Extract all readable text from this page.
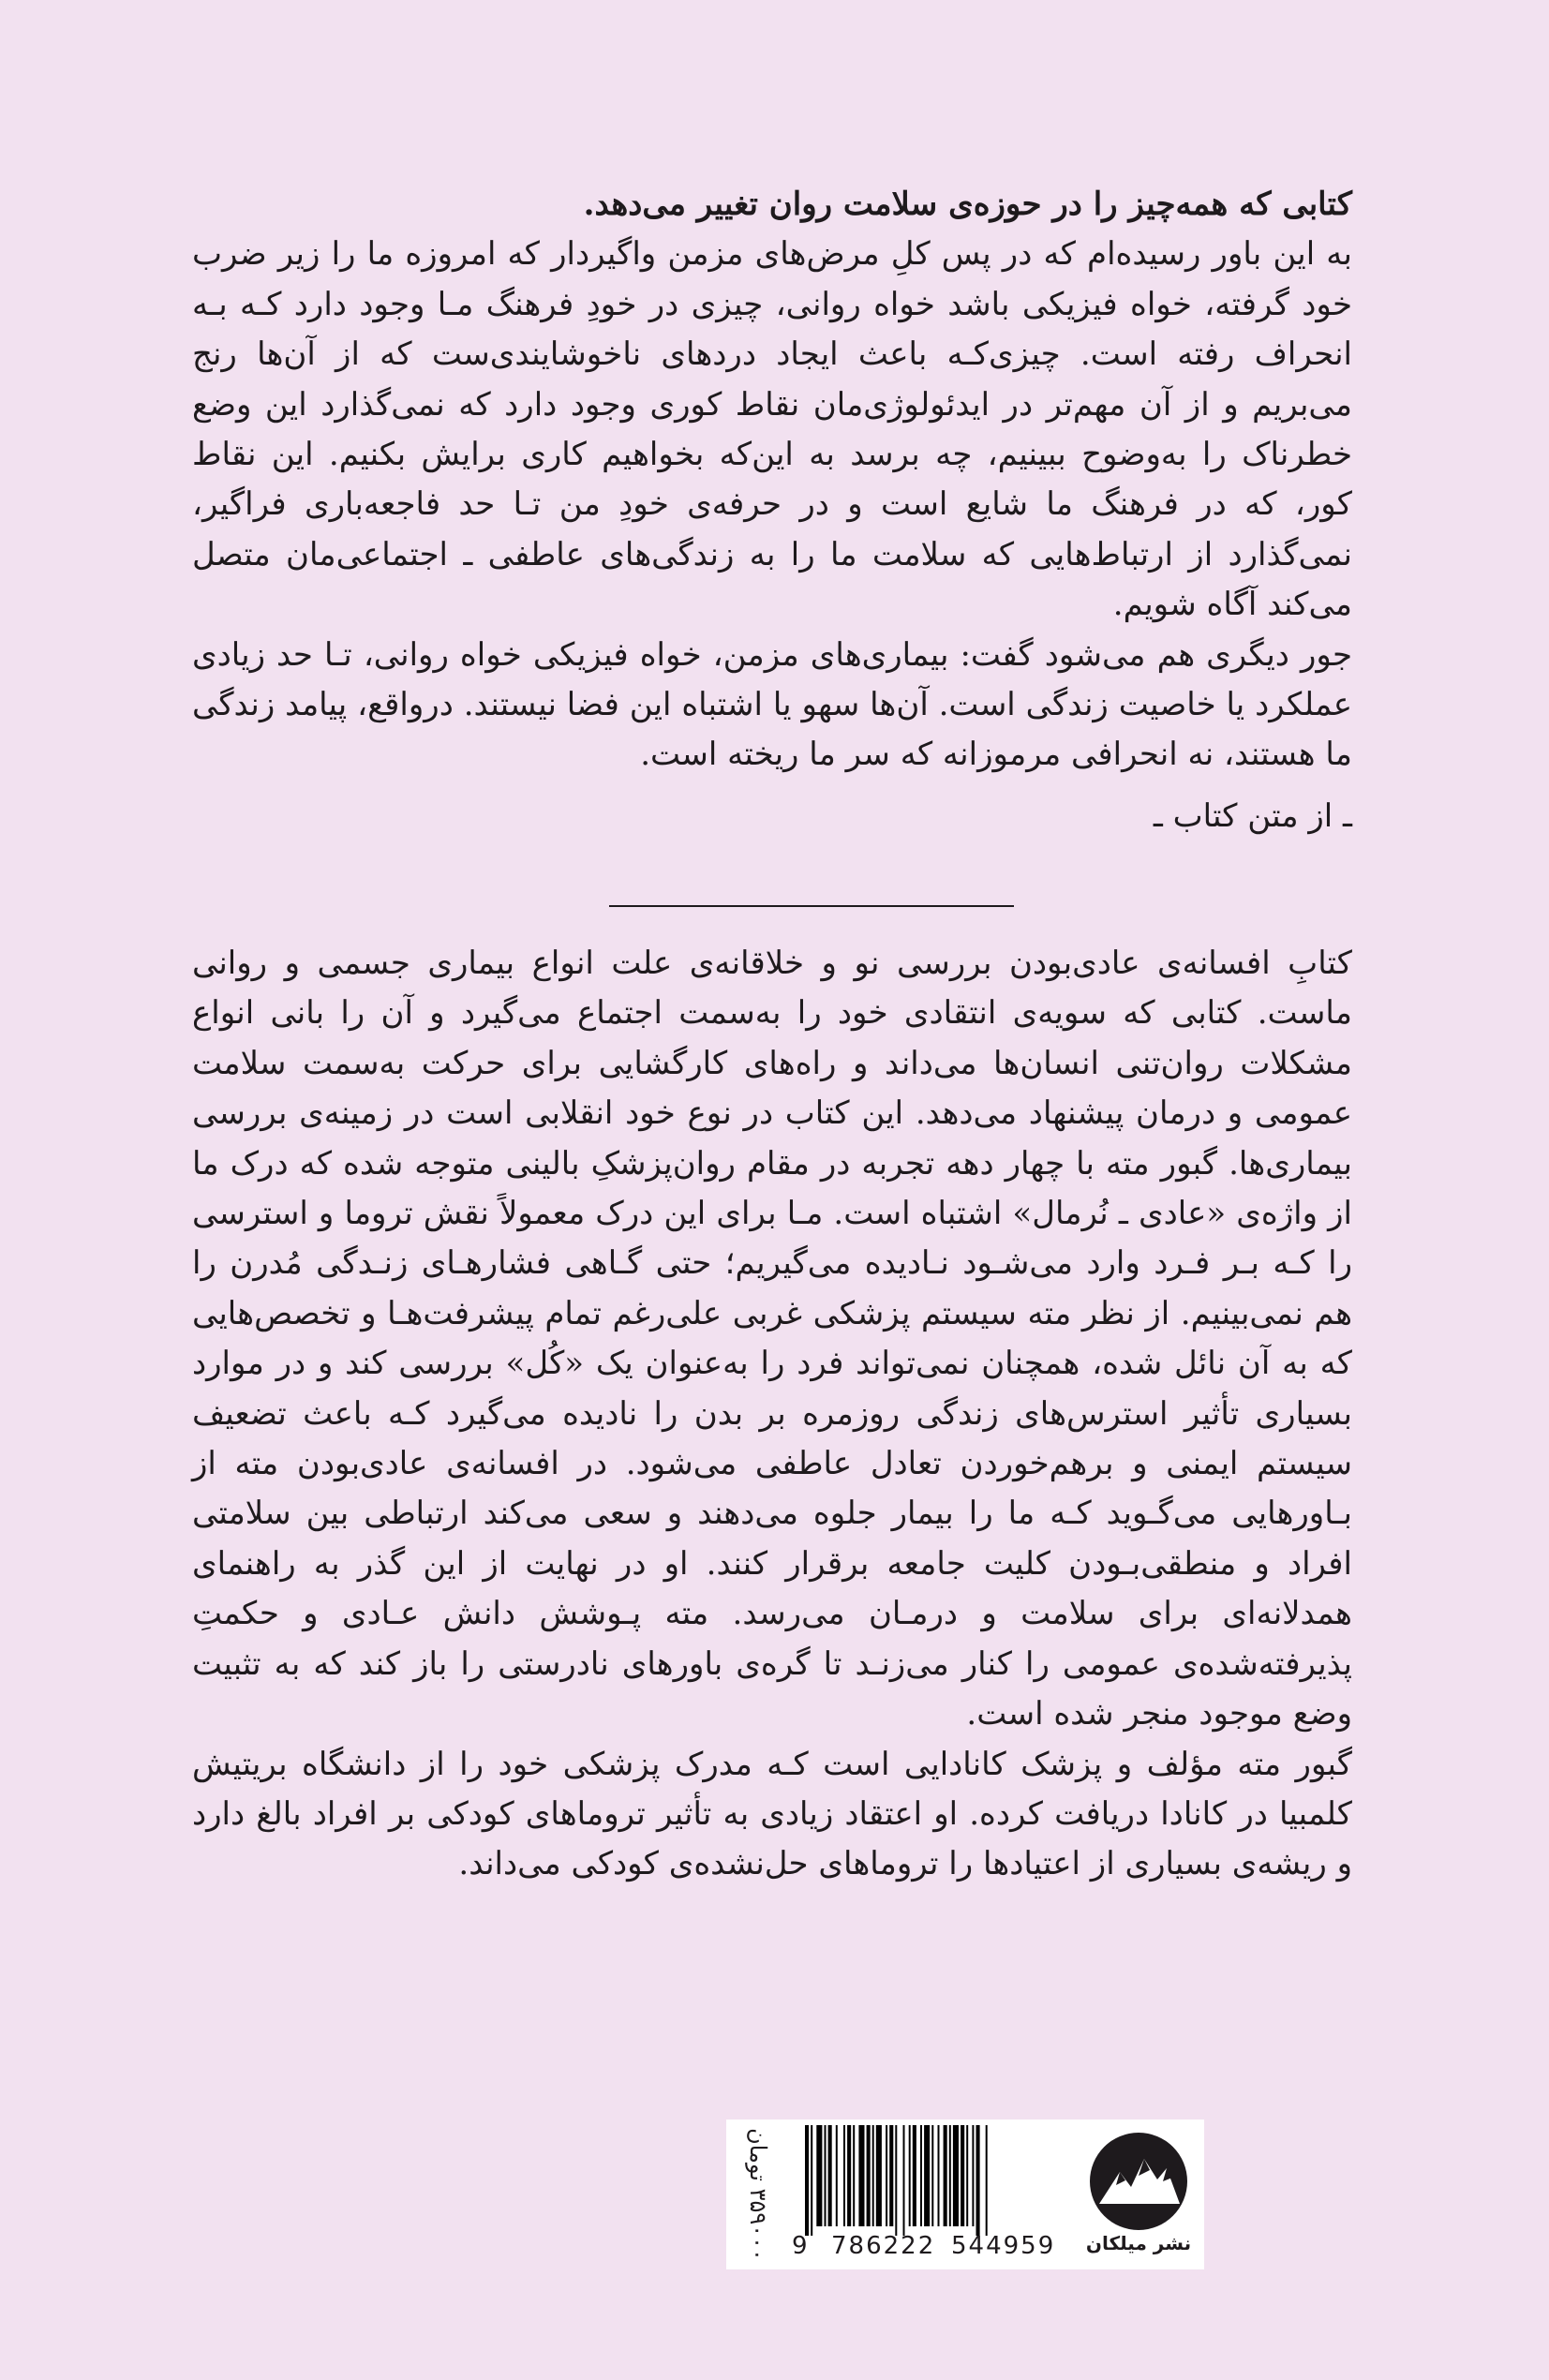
کتابی که همه‌چیز را در حوزه‌ی سلامت روان تغییر می‌دهد.

به این باور رسیده‌ام که در پس کلِ مرض‌های مزمن واگیردار که امروزه ما را زیر ضرب خود گرفته، خواه فیزیکی باشد خواه روانی، چیزی در خودِ فرهنگ مـا وجود دارد کـه بـه انحراف رفته است. چیزی‌کـه باعث ایجاد دردهای ناخوشایندی‌ست که از آن‌ها رنج می‌بریم و از آن مهم‌تر در ایدئولوژی‌مان نقاط کوری وجود دارد که نمی‌گذارد این وضع خطرناک را به‌وضوح ببینیم، چه برسد به این‌که بخواهیم کاری برایش بکنیم. این نقاط کور، که در فرهنگ ما شایع است و در حرفه‌ی خودِ من تـا حد فاجعه‌باری فراگیر، نمی‌گذارد از ارتباط‌هایی که سلامت ما را به زندگی‌های عاطفی ـ اجتماعی‌مان متصل می‌کند آگاه شویم.

جور دیگری هم می‌شود گفت: بیماری‌های مزمن، خواه فیزیکی خواه روانی، تـا حد زیادی عملکرد یا خاصیت زندگی است. آن‌ها سهو یا اشتباه این فضا نیستند. درواقع، پیامد زندگی ما هستند، نه انحرافی مرموزانه که سر ما ریخته است.

ـ از متن کتاب ـ

کتابِ افسانه‌ی عادی‌بودن بررسی نو و خلاقانه‌ی علت انواع بیماری جسمی و روانی ماست. کتابی که سویه‌ی انتقادی خود را به‌سمت اجتماع می‌گیرد و آن را بانی انواع مشکلات روان‌تنی انسان‌ها می‌داند و راه‌های کارگشایی برای حرکت به‌سمت سلامت عمومی و درمان پیشنهاد می‌دهد. این کتاب در نوع خود انقلابی است در زمینه‌ی بررسی بیماری‌ها. گبور مته با چهار دهه تجربه در مقام روان‌پزشکِ بالینی متوجه شده که درک ما از واژه‌ی «عادی ـ نُرمال» اشتباه است. مـا برای این درک معمولاً نقش تروما و استرسی را کـه بـر فـرد وارد می‌شـود نـادیده می‌گیریم؛ حتی گـاهی فشارهـای زنـدگی مُدرن را هم نمی‌بینیم. از نظر مته سیستم پزشکی غربی علی‌رغم تمام پیشرفت‌هـا و تخصص‌هایی که به آن نائل شده، همچنان نمی‌تواند فرد را به‌عنوان یک «کُل» بررسی کند و در موارد بسیاری تأثیر استرس‌های زندگی روزمره بر بدن را نادیده می‌گیرد کـه باعث تضعیف سیستم ایمنی و برهم‌خوردن تعادل عاطفی می‌شود. در افسانه‌ی عادی‌بودن مته از بـاورهایی می‌گـوید کـه ما را بیمار جلوه می‌دهند و سعی می‌کند ارتباطی بین سلامتی افراد و منطقی‌بـودن کلیت جامعه برقرار کنند. او در نهایت از این گذر به راهنمای همدلانه‌ای برای سلامت و درمـان می‌رسد. مته پـوشش دانش عـادی و حکمتِ پذیرفته‌شده‌ی عمومی را کنار می‌زنـد تا گره‌ی باورهای نادرستی را باز کند که به تثبیت وضع موجود منجر شده است.

گبور مته مؤلف و پزشک کانادایی است کـه مدرک پزشکی خود را از دانشگاه بریتیش کلمبیا در کانادا دریافت کرده. او اعتقاد زیادی به تأثیر تروماهای کودکی بر افراد بالغ دارد و ریشه‌ی بسیاری از اعتیادها را تروماهای حل‌نشده‌ی کودکی می‌داند.

۳۵۹۰۰۰ تومان 9 786222 544959 نشر میلکان
